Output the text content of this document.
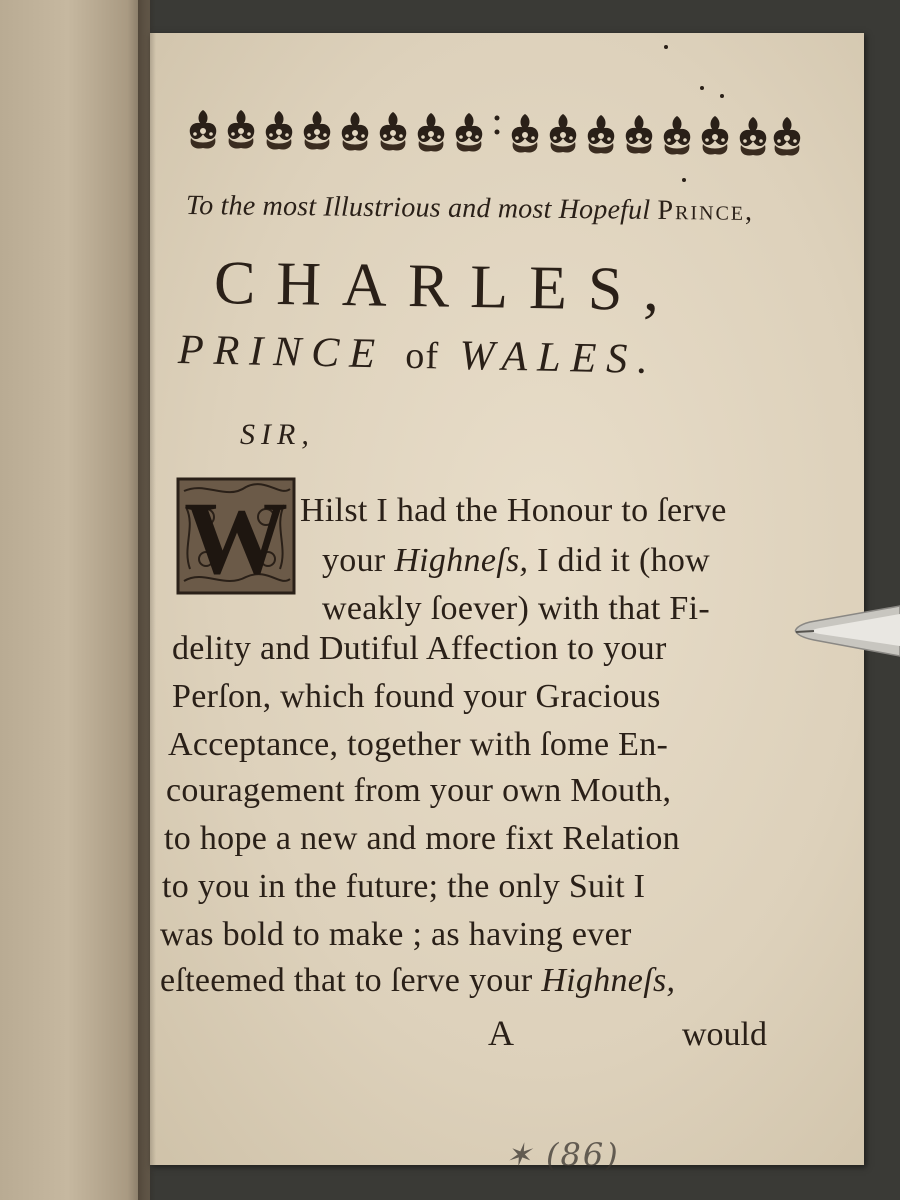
To the most Illustrious and most Hopeful Prince,
CHARLES,
PRINCE of WALES.
SIR,
W Hilst I had the Honour to ſerve
your Highneſs, I did it (how
weakly ſoever) with that Fi-
delity and Dutiful Affection to your
Perſon, which found your Gracious
Acceptance, together with ſome En-
couragement from your own Mouth,
to hope a new and more fixt Relation
to you in the future; the only Suit I
was bold to make ; as having ever
eſteemed that to ſerve your Highneſs,
A	would
✶ (86)
